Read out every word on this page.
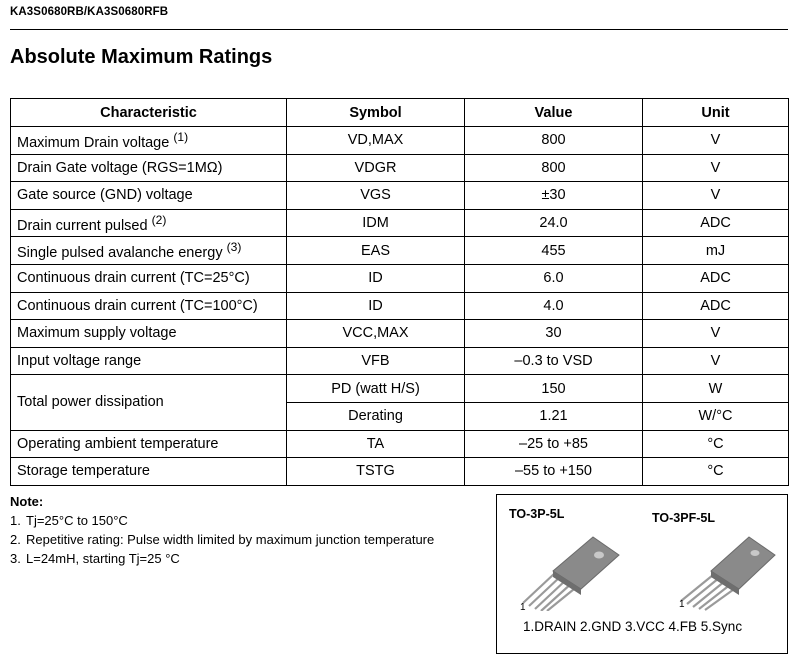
KA3S0680RB/KA3S0680RFB
Absolute Maximum Ratings
Characteristic	Symbol	Value	Unit
Maximum Drain voltage $^{(1)}$	VD,MAX	800	V
Drain Gate voltage (RGS=1MΩ)	VDGR	800	V
Gate source (GND) voltage	VGS	±30	V
Drain current pulsed $^{(2)}$	IDM	24.0	ADC
Single pulsed avalanche energy $^{(3)}$	EAS	455	mJ
Continuous drain current (TC=25°C)	ID	6.0	ADC
Continuous drain current (TC=100°C)	ID	4.0	ADC
Maximum supply voltage	VCC,MAX	30	V
Input voltage range	VFB	–0.3 to VSD	V
Total power dissipation	PD (watt H/S)	150	W
	Derating	1.21	W/°C
Operating ambient temperature	TA	–25 to +85	°C
Storage temperature	TSTG	–55 to +150	°C
Note:
1. Tj=25°C to 150°C
2. Repetitive rating: Pulse width limited by maximum junction temperature
3. L=24mH, starting Tj=25 °C
TO-3P-5L	TO-3PF-5L
1	1
1.DRAIN 2.GND 3.VCC 4.FB 5.Sync
